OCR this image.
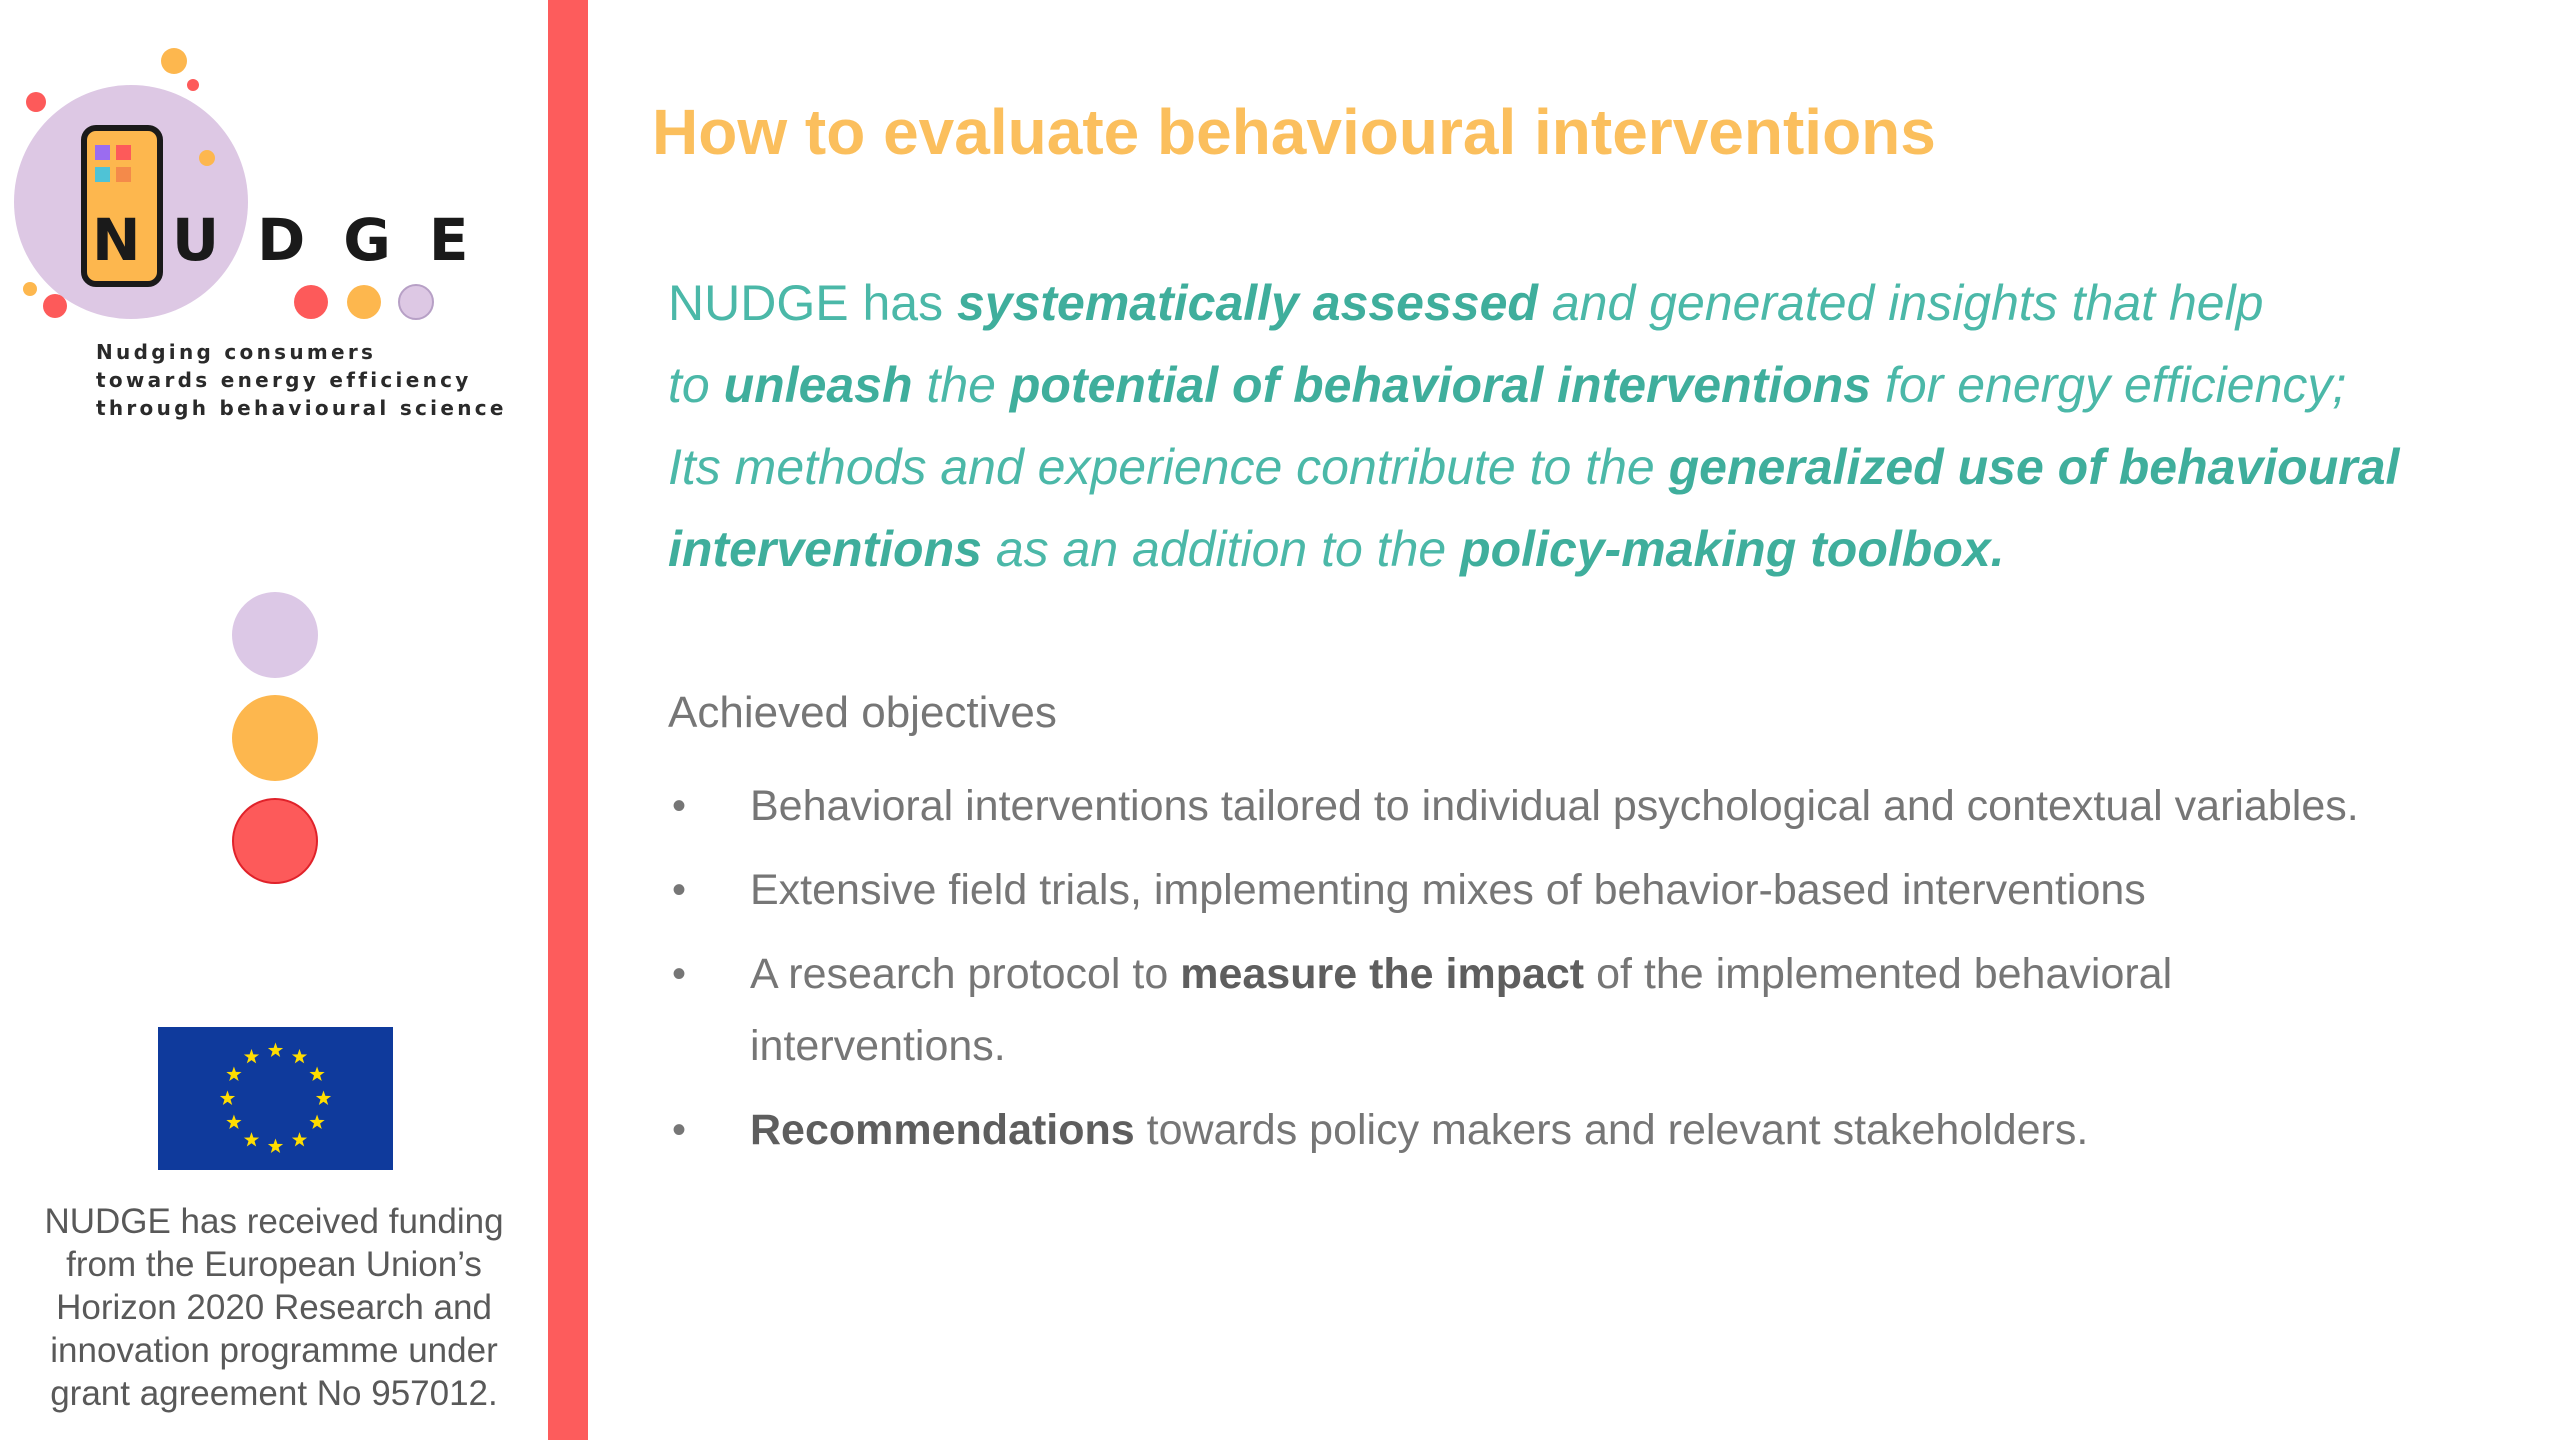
N UDGE
Nudging consumers
towards energy efficiency
through behavioural science
NUDGE has received funding
from the European Union’s
Horizon 2020 Research and
innovation programme under
grant agreement No 957012.
How to evaluate behavioural interventions
NUDGE has systematically assessed and generated insights that help
to unleash the potential of behavioral interventions for energy efficiency;
Its methods and experience contribute to the generalized use of behavioural
interventions as an addition to the policy-making toolbox.
Achieved objectives
• Behavioral interventions tailored to individual psychological and contextual variables.
• Extensive field trials, implementing mixes of behavior-based interventions
• A research protocol to measure the impact of the implemented behavioral
interventions.
• Recommendations towards policy makers and relevant stakeholders.
